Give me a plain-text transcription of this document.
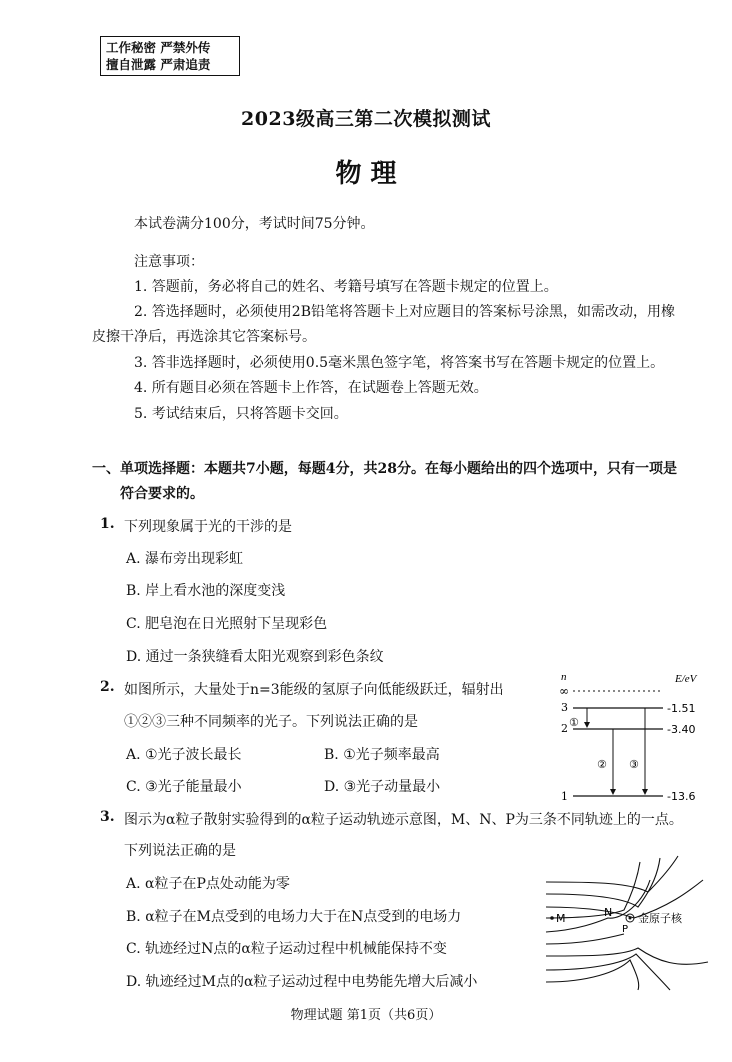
工作秘密 严禁外传
擅自泄露 严肃追责
2023级高三第二次模拟测试
物 理
本试卷满分100分，考试时间75分钟。
注意事项：
1. 答题前，务必将自己的姓名、考籍号填写在答题卡规定的位置上。
2. 答选择题时，必须使用2B铅笔将答题卡上对应题目的答案标号涂黑，如需改动，用橡
皮擦干净后，再选涂其它答案标号。
3. 答非选择题时，必须使用0.5毫米黑色签字笔，将答案书写在答题卡规定的位置上。
4. 所有题目必须在答题卡上作答，在试题卷上答题无效。
5. 考试结束后，只将答题卡交回。
一、单项选择题：本题共7小题，每题4分，共28分。在每小题给出的四个选项中，只有一项是
符合要求的。
1. 下列现象属于光的干涉的是
A. 瀑布旁出现彩虹
B. 岸上看水池的深度变浅
C. 肥皂泡在日光照射下呈现彩色
D. 通过一条狭缝看太阳光观察到彩色条纹
2. 如图所示，大量处于n=3能级的氢原子向低能级跃迁，辐射出
①②③三种不同频率的光子。下列说法正确的是
A. ①光子波长最长	B. ①光子频率最高
C. ③光子能量最小	D. ③光子动量最小
n	E/eV
∞
3	-1.51
2	-3.40
1	-13.6
①
② ③
3. 图示为α粒子散射实验得到的α粒子运动轨迹示意图，M、N、P为三条不同轨迹上的一点。
下列说法正确的是
A. α粒子在P点处动能为零
B. α粒子在M点受到的电场力大于在N点受到的电场力
C. 轨迹经过N点的α粒子运动过程中机械能保持不变
D. 轨迹经过M点的α粒子运动过程中电势能先增大后减小
M	N
P
金原子核
物理试题 第1页（共6页）
